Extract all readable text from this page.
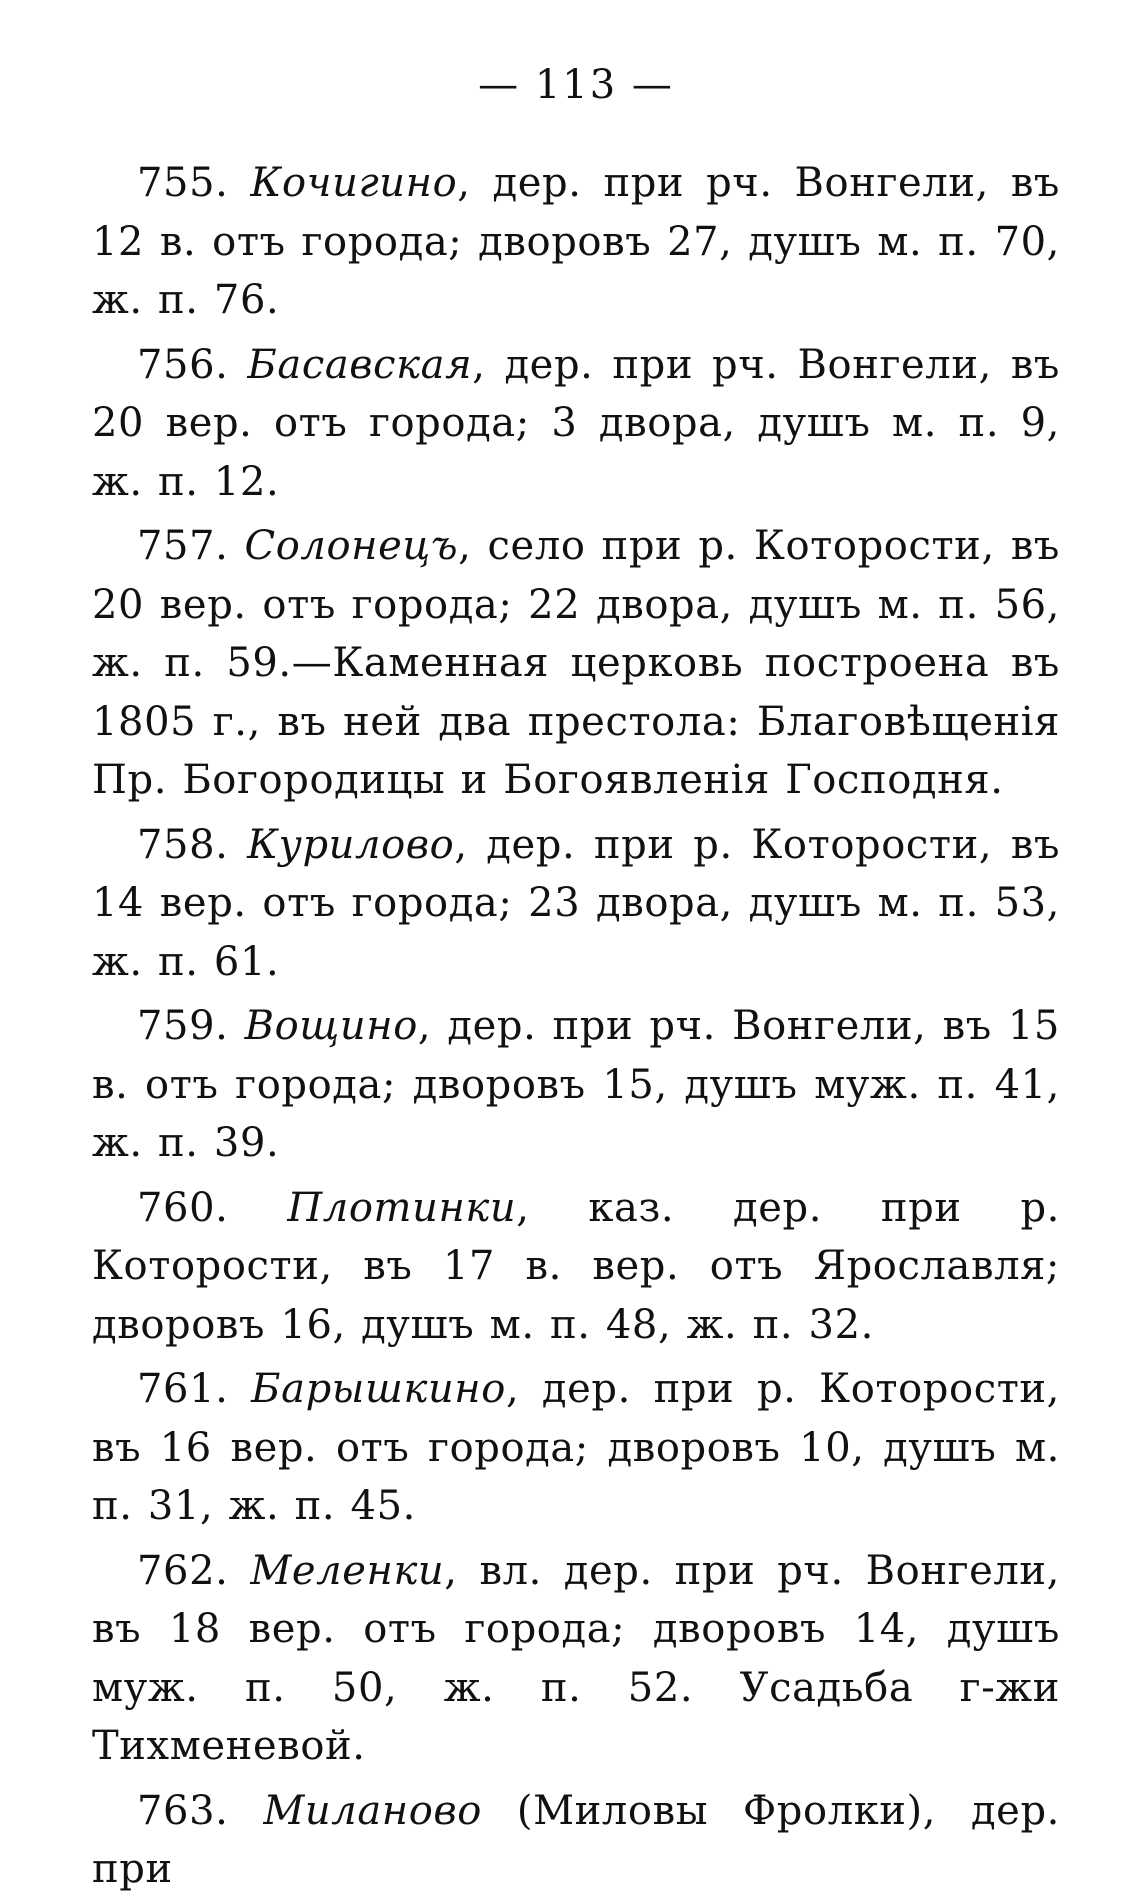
— 113 —

755. Кочигино, дер. при рч. Вонгели, въ 12 в. отъ города; дворовъ 27, душъ м. п. 70, ж. п. 76.

756. Басавская, дер. при рч. Вонгели, въ 20 вер. отъ города; 3 двора, душъ м. п. 9, ж. п. 12.

757. Солонецъ, село при р. Которости, въ 20 вер. отъ города; 22 двора, душъ м. п. 56, ж. п. 59.—Каменная церковь построена въ 1805 г., въ ней два престола: Благовѣщенія Пр. Богородицы и Богоявленія Господня.

758. Курилово, дер. при р. Которости, въ 14 вер. отъ города; 23 двора, душъ м. п. 53, ж. п. 61.

759. Вощино, дер. при рч. Вонгели, въ 15 в. отъ города; дворовъ 15, душъ муж. п. 41, ж. п. 39.

760. Плотинки, каз. дер. при р. Которости, въ 17 в. вер. отъ Ярославля; дворовъ 16, душъ м. п. 48, ж. п. 32.

761. Барышкино, дер. при р. Которости, въ 16 вер. отъ города; дворовъ 10, душъ м. п. 31, ж. п. 45.

762. Меленки, вл. дер. при рч. Вонгели, въ 18 вер. отъ города; дворовъ 14, душъ муж. п. 50, ж. п. 52. Усадьба г-жи Тихменевой.

763. Миланово (Миловы Фролки), дер. при
